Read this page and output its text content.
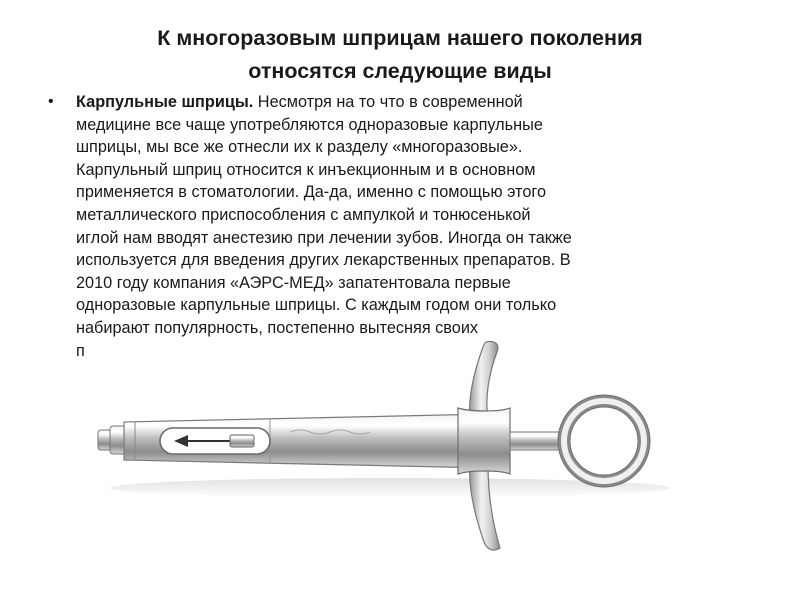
К многоразовым шприцам нашего поколения
относятся следующие виды
• Карпульные шприцы. Несмотря на то что в современной
медицине все чаще употребляются одноразовые карпульные
шприцы, мы все же отнесли их к разделу «многоразовые».
Карпульный шприц относится к инъекционным и в основном
применяется в стоматологии. Да-да, именно с помощью этого
металлического приспособления с ампулкой и тонюсенькой
иглой нам вводят анестезию при лечении зубов. Иногда он также
используется для введения других лекарственных препаратов. В
2010 году компания «АЭРС-МЕД» запатентовала первые
одноразовые карпульные шприцы. С каждым годом они только
набирают популярность, постепенно вытесняя своих
п
